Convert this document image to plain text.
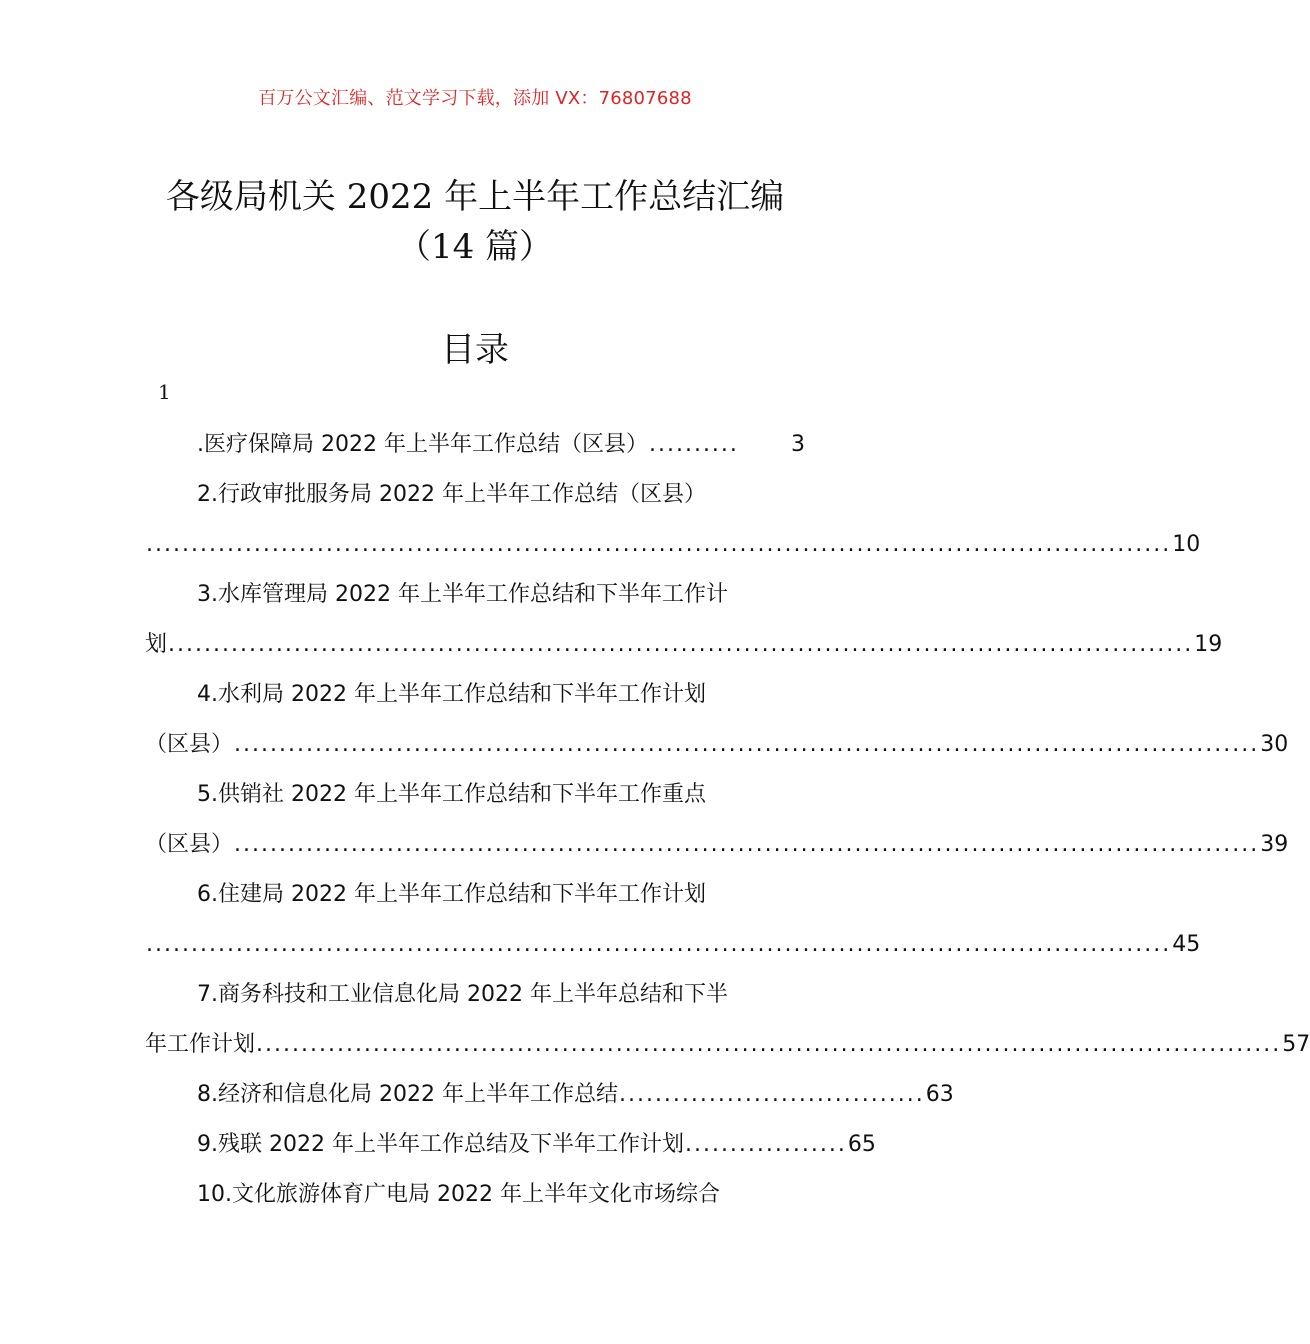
百万公文汇编、范文学习下载，添加 VX：76807688
各级局机关 2022 年上半年工作总结汇编
（14 篇）
目录
1
.医疗保障局 2022 年上半年工作总结（区县） ..........	3
2.行政审批服务局 2022 年上半年工作总结（区县）
.................................................................................................................. 10
3.水库管理局 2022 年上半年工作总结和下半年工作计
划 .................................................................................................................. 19
4.水利局 2022 年上半年工作总结和下半年工作计划
（区县） .................................................................................................................. 30
5.供销社 2022 年上半年工作总结和下半年工作重点
（区县） .................................................................................................................. 39
6.住建局 2022 年上半年工作总结和下半年工作计划
.................................................................................................................. 45
7.商务科技和工业信息化局 2022 年上半年总结和下半
年工作计划 .................................................................................................................. 57
8.经济和信息化局 2022 年上半年工作总结 .................................. 63
9.残联 2022 年上半年工作总结及下半年工作计划 .................. 65
10.文化旅游体育广电局 2022 年上半年文化市场综合
